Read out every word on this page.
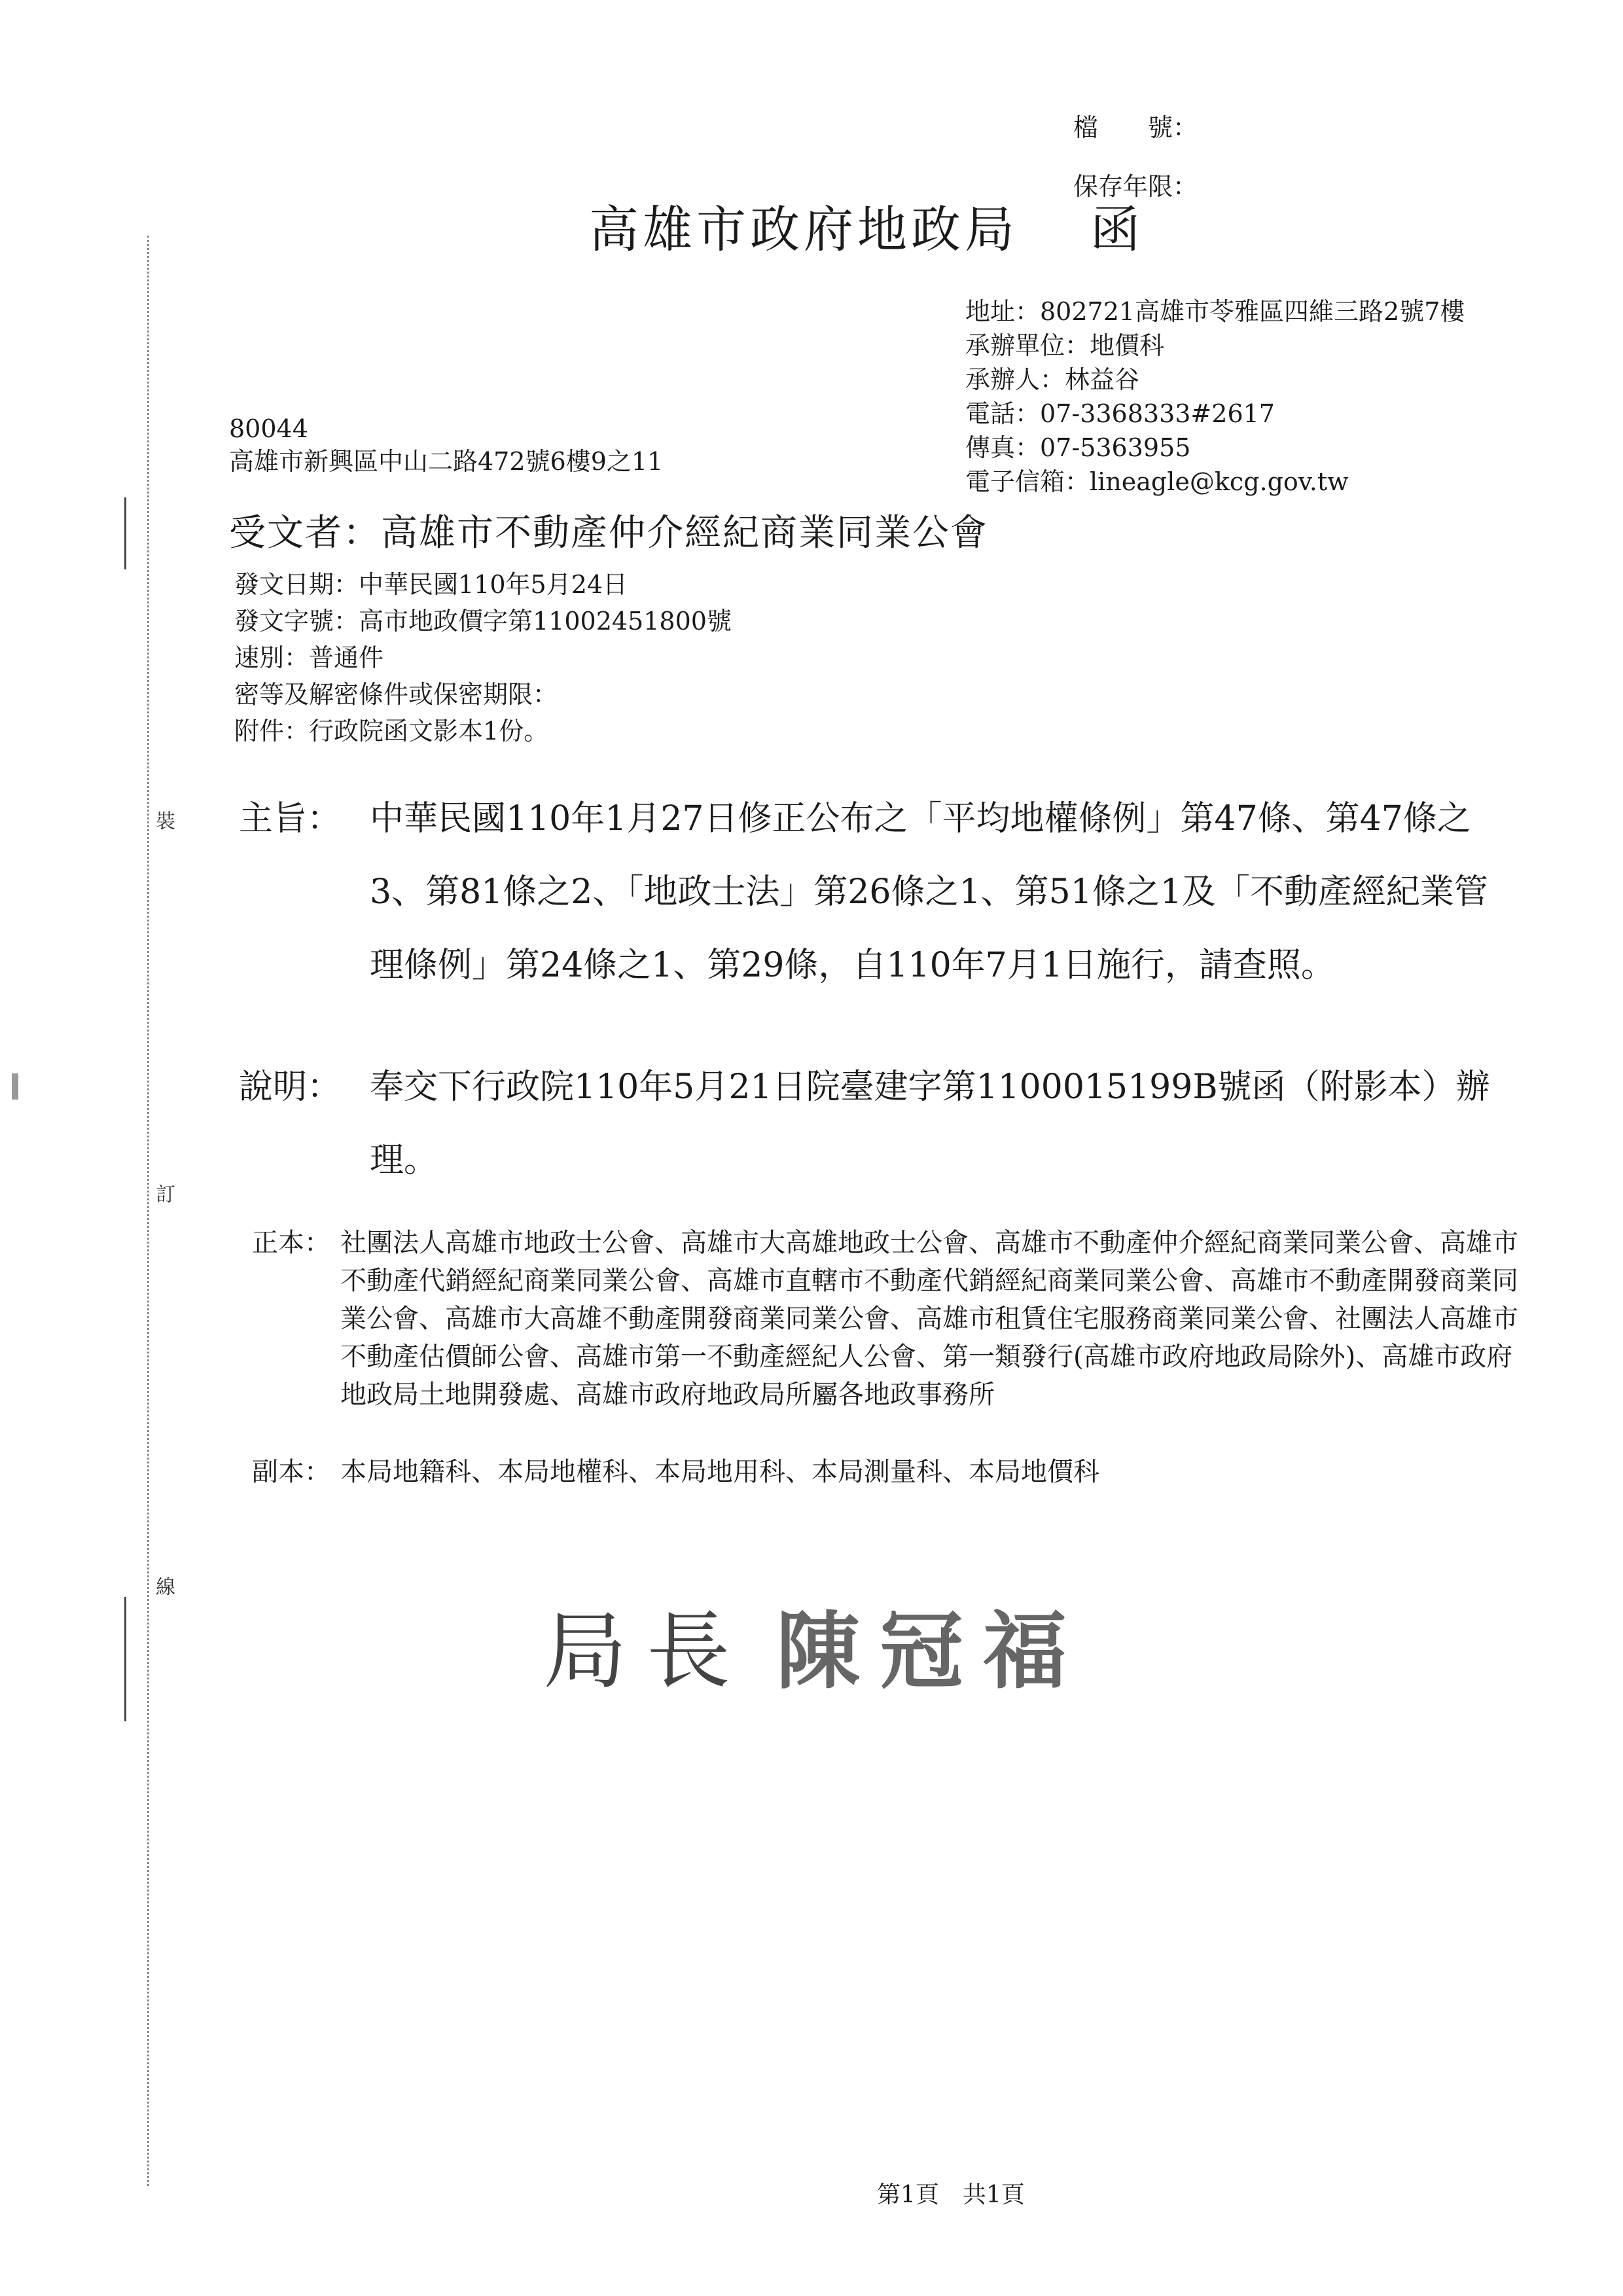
裝
訂
線
檔　　號：
保存年限：
高雄市政府地政局 函
地址：802721高雄市苓雅區四維三路2號7樓
承辦單位：地價科
承辦人：林益谷
電話：07-3368333#2617
傳真：07-5363955
電子信箱：lineagle@kcg.gov.tw
80044
高雄市新興區中山二路472號6樓9之11
受文者：高雄市不動產仲介經紀商業同業公會
發文日期：中華民國110年5月24日
發文字號：高市地政價字第11002451800號
速別：普通件
密等及解密條件或保密期限：
附件：行政院函文影本1份。
主旨： 中華民國110年1月27日修正公布之「平均地權條例」第47條、第47條之3、第81條之2、「地政士法」第26條之1、第51條之1及「不動產經紀業管理條例」第24條之1、第29條，自110年7月1日施行，請查照。
說明： 奉交下行政院110年5月21日院臺建字第1100015199B號函（附影本）辦理。
正本： 社團法人高雄市地政士公會、高雄市大高雄地政士公會、高雄市不動產仲介經紀商業同業公會、高雄市不動產代銷經紀商業同業公會、高雄市直轄市不動產代銷經紀商業同業公會、高雄市不動產開發商業同業公會、高雄市大高雄不動產開發商業同業公會、高雄市租賃住宅服務商業同業公會、社團法人高雄市不動產估價師公會、高雄市第一不動產經紀人公會、第一類發行(高雄市政府地政局除外)、高雄市政府地政局土地開發處、高雄市政府地政局所屬各地政事務所
副本： 本局地籍科、本局地權科、本局地用科、本局測量科、本局地價科
局長 陳冠福
第1頁　共1頁
